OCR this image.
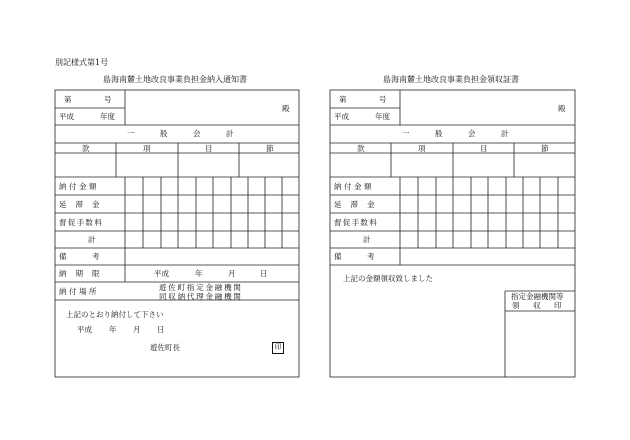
別記様式第1号
島海南麓土地改良事業負担金納入通知書
第	号
平成	年度
殿
一　般　会　計
款	項	目	節
納付金額
延滞金
督促手数料
計
備　考
納期限	平成	年	月	日
納付場所	遊佐町指定金融機関
同収納代理金融機関
上記のとおり納付して下さい
平成 年 月 日
遊佐町長	印
島海南麓土地改良事業負担金領収証書
第	号
平成	年度
殿
一　般　会　計
款	項	目	節
納付金額
延滞金
督促手数料
計
備　考
上記の金額領収致しました
指定金融機関等
領　収　印
